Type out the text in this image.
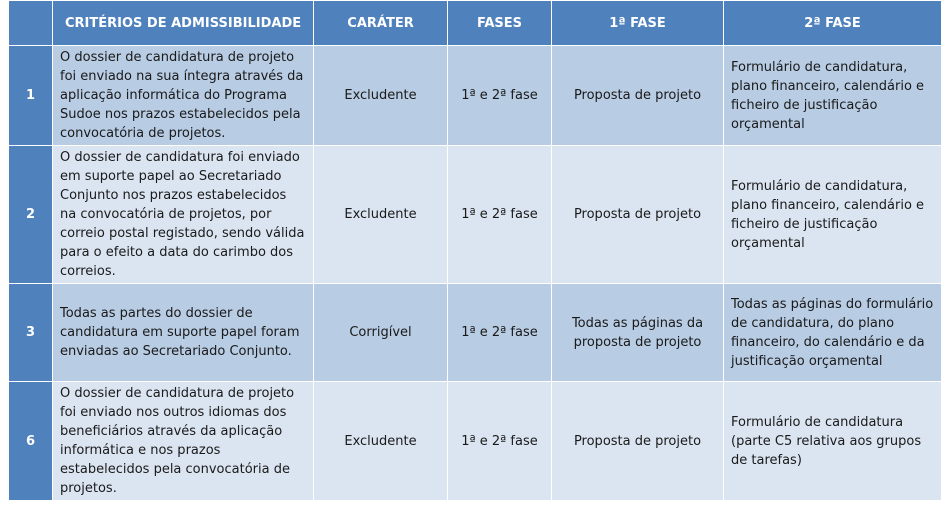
	CRITÉRIOS DE ADMISSIBILIDADE	CARÁTER	FASES	1ª FASE	2ª FASE
1	O dossier de candidatura de projeto foi enviado na sua íntegra através da aplicação informática do Programa Sudoe nos prazos estabelecidos pela convocatória de projetos.	Excludente	1ª e 2ª fase	Proposta de projeto	Formulário de candidatura, plano financeiro, calendário e ficheiro de justificação orçamental
2	O dossier de candidatura foi enviado em suporte papel ao Secretariado Conjunto nos prazos estabelecidos na convocatória de projetos, por correio postal registado, sendo válida para o efeito a data do carimbo dos correios.	Excludente	1ª e 2ª fase	Proposta de projeto	Formulário de candidatura, plano financeiro, calendário e ficheiro de justificação orçamental
3	Todas as partes do dossier de candidatura em suporte papel foram enviadas ao Secretariado Conjunto.	Corrigível	1ª e 2ª fase	Todas as páginas da proposta de projeto	Todas as páginas do formulário de candidatura, do plano financeiro, do calendário e da justificação orçamental
6	O dossier de candidatura de projeto foi enviado nos outros idiomas dos beneficiários através da aplicação informática e nos prazos estabelecidos pela convocatória de projetos.	Excludente	1ª e 2ª fase	Proposta de projeto	Formulário de candidatura (parte C5 relativa aos grupos de tarefas)
